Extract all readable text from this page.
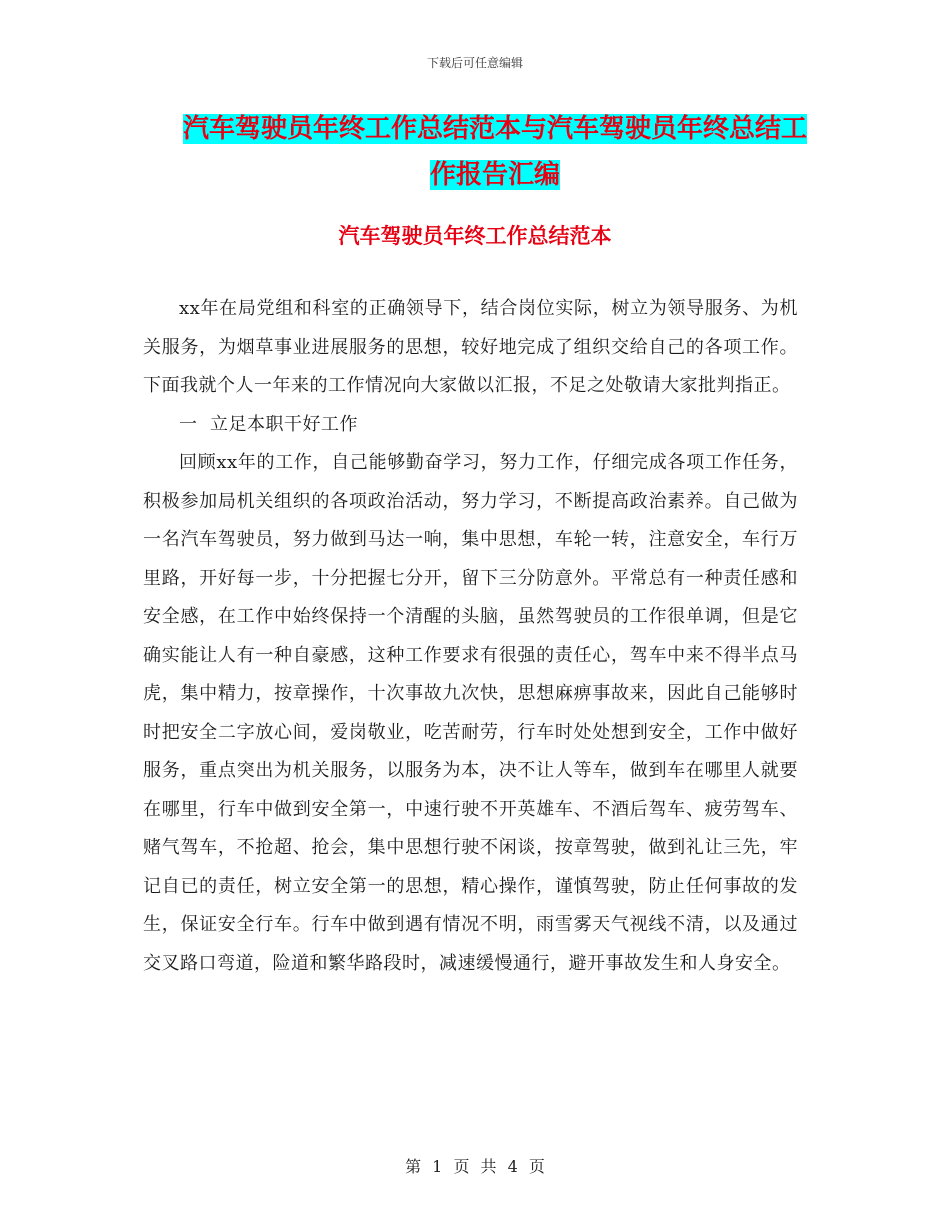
下载后可任意编辑
汽车驾驶员年终工作总结范本与汽车驾驶员年终总结工作报告汇编
汽车驾驶员年终工作总结范本

xx年在局党组和科室的正确领导下，结合岗位实际，树立为领导服务、为机关服务，为烟草事业进展服务的思想，较好地完成了组织交给自己的各项工作。下面我就个人一年来的工作情况向大家做以汇报，不足之处敬请大家批判指正。

一  立足本职干好工作

回顾xx年的工作，自己能够勤奋学习，努力工作，仔细完成各项工作任务，积极参加局机关组织的各项政治活动，努力学习，不断提高政治素养。自己做为一名汽车驾驶员，努力做到马达一响，集中思想，车轮一转，注意安全，车行万里路，开好每一步，十分把握七分开，留下三分防意外。平常总有一种责任感和安全感，在工作中始终保持一个清醒的头脑，虽然驾驶员的工作很单调，但是它确实能让人有一种自豪感，这种工作要求有很强的责任心，驾车中来不得半点马虎，集中精力，按章操作，十次事故九次快，思想麻痹事故来，因此自己能够时时把安全二字放心间，爱岗敬业，吃苦耐劳，行车时处处想到安全，工作中做好服务，重点突出为机关服务，以服务为本，决不让人等车，做到车在哪里人就要在哪里，行车中做到安全第一，中速行驶不开英雄车、不酒后驾车、疲劳驾车、赌气驾车，不抢超、抢会，集中思想行驶不闲谈，按章驾驶，做到礼让三先，牢记自已的责任，树立安全第一的思想，精心操作，谨慎驾驶，防止任何事故的发生，保证安全行车。行车中做到遇有情况不明，雨雪雾天气视线不清，以及通过交叉路口弯道，险道和繁华路段时，减速缓慢通行，避开事故发生和人身安全。

第 1 页 共 4 页
